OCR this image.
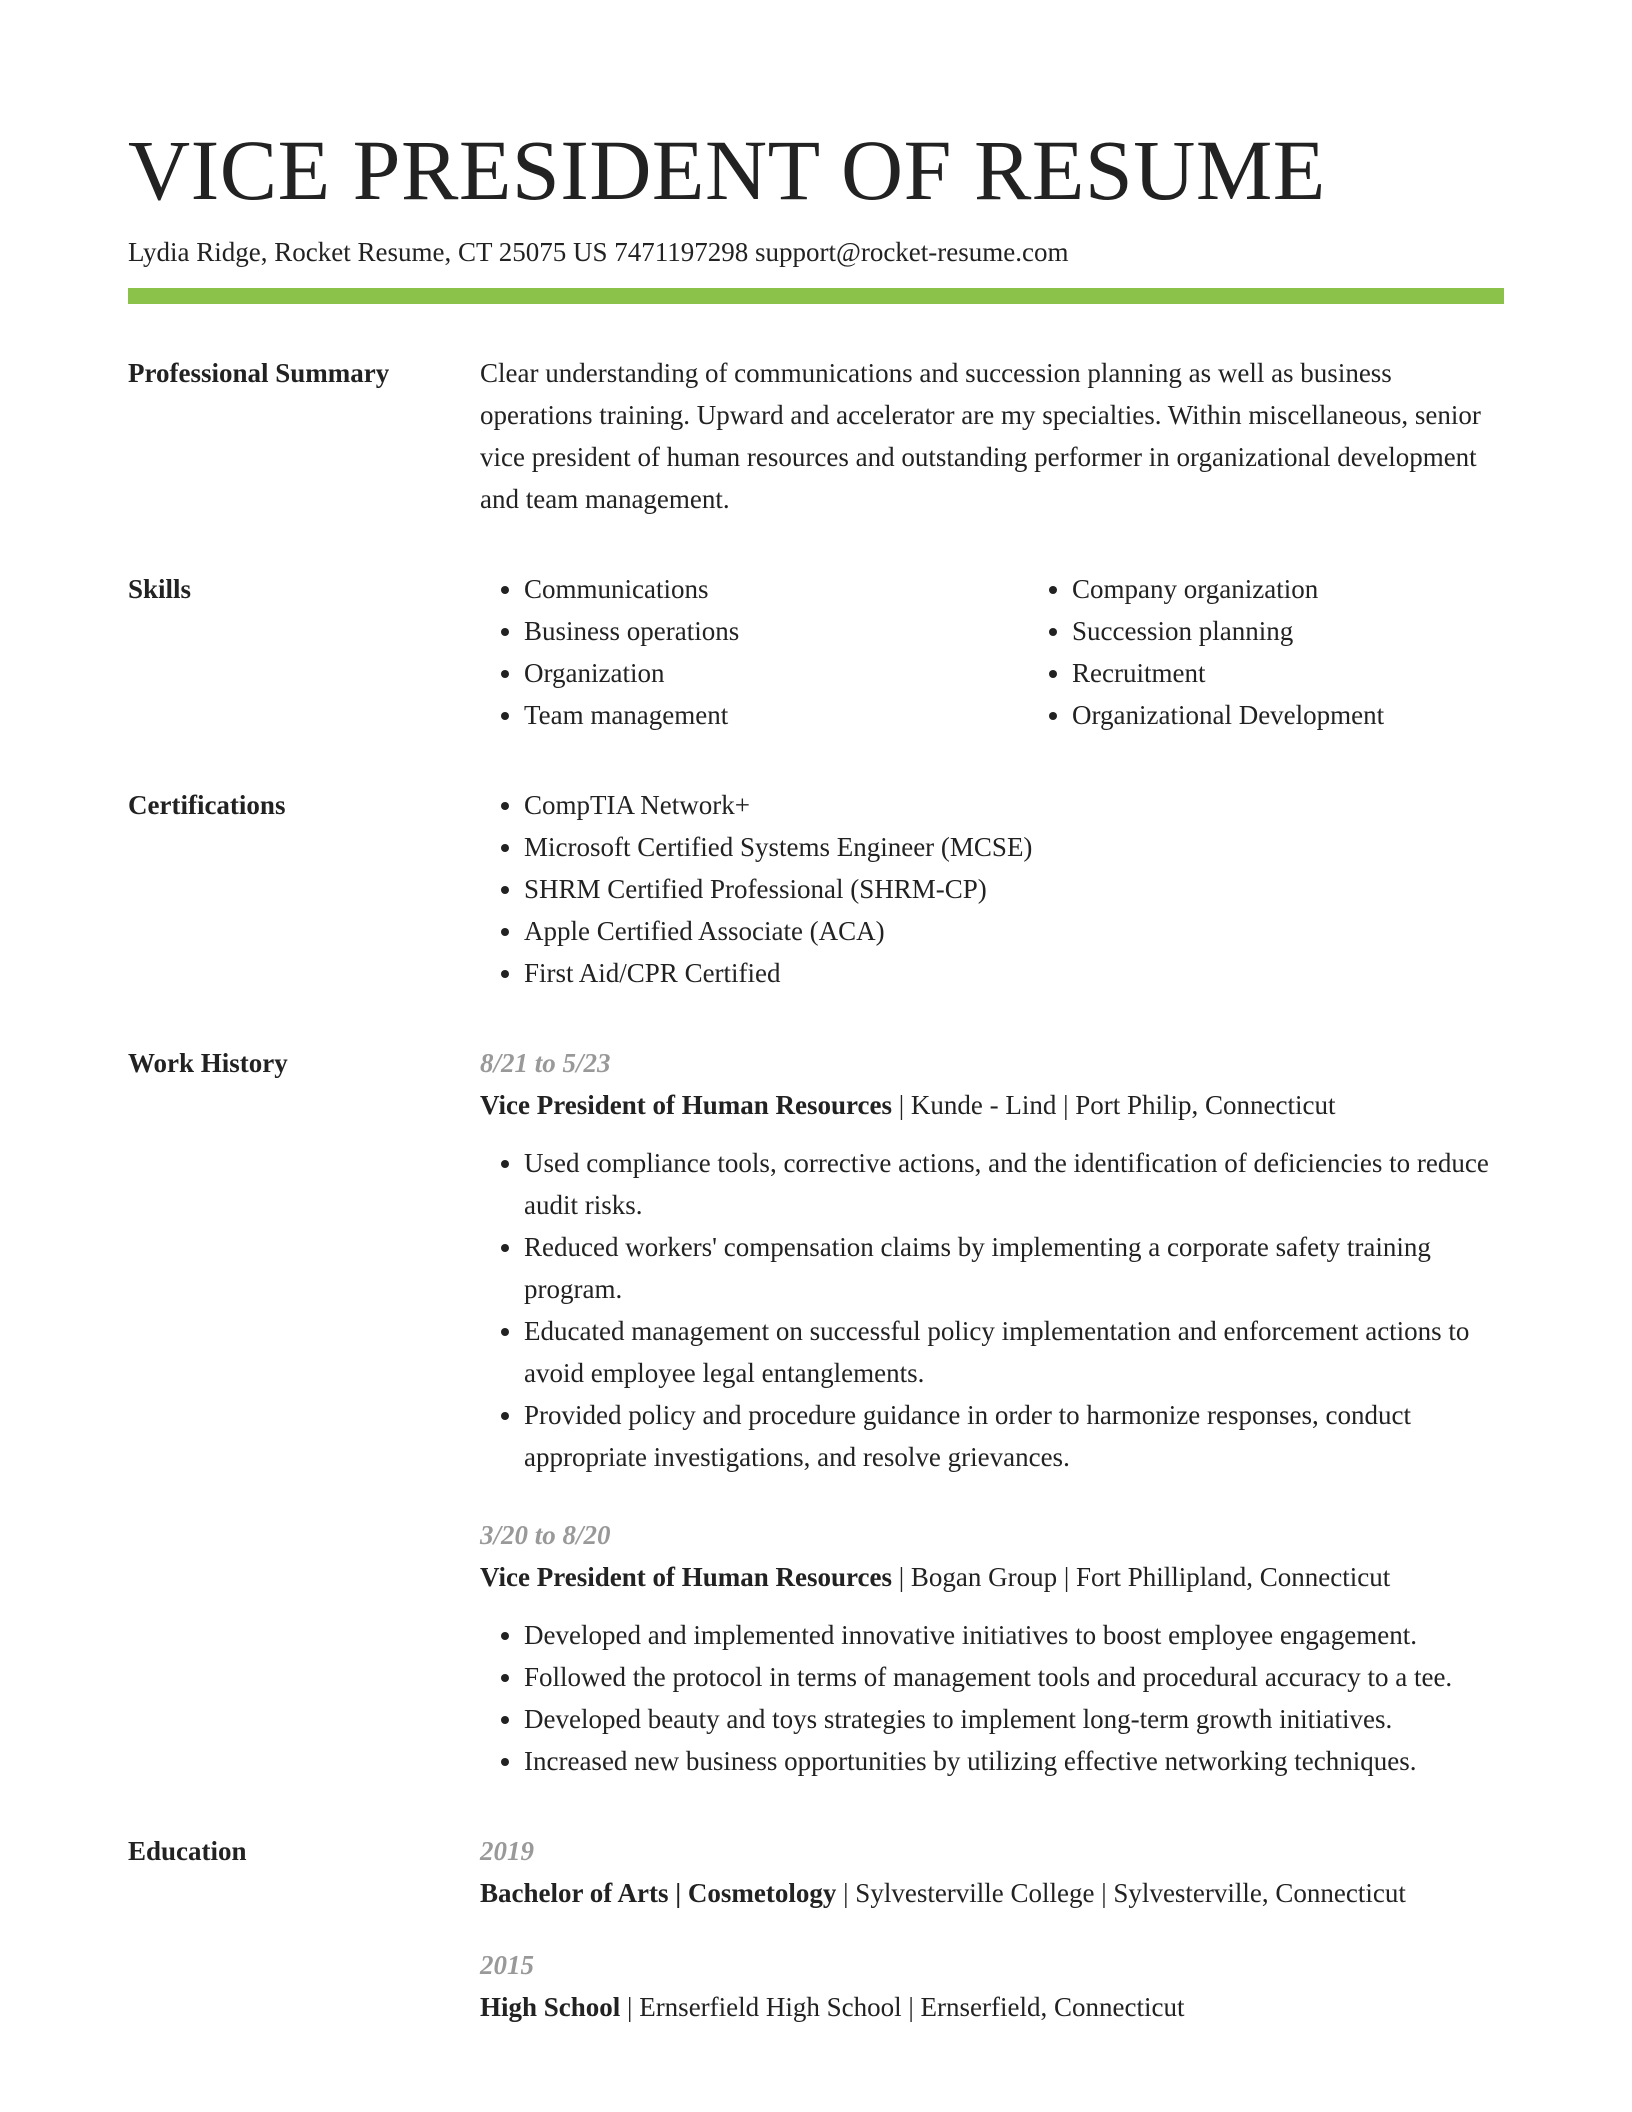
VICE PRESIDENT OF RESUME
Lydia Ridge, Rocket Resume, CT 25075 US 7471197298 support@rocket-resume.com
Professional Summary	Clear understanding of communications and succession planning as well as business operations training. Upward and accelerator are my specialties. Within miscellaneous, senior vice president of human resources and outstanding performer in organizational development and team management.

Skills	• Communications
• Business operations
• Organization
• Team management
• Company organization
• Succession planning
• Recruitment
• Organizational Development
Certifications	• CompTIA Network+
• Microsoft Certified Systems Engineer (MCSE)
• SHRM Certified Professional (SHRM-CP)
• Apple Certified Associate (ACA)
• First Aid/CPR Certified
Work History	8/21 to 5/23
Vice President of Human Resources | Kunde - Lind | Port Philip, Connecticut
• Used compliance tools, corrective actions, and the identification of deficiencies to reduce audit risks.
• Reduced workers' compensation claims by implementing a corporate safety training program.
• Educated management on successful policy implementation and enforcement actions to avoid employee legal entanglements.
• Provided policy and procedure guidance in order to harmonize responses, conduct appropriate investigations, and resolve grievances.
3/20 to 8/20
Vice President of Human Resources | Bogan Group | Fort Phillipland, Connecticut
• Developed and implemented innovative initiatives to boost employee engagement.
• Followed the protocol in terms of management tools and procedural accuracy to a tee.
• Developed beauty and toys strategies to implement long-term growth initiatives.
• Increased new business opportunities by utilizing effective networking techniques.
Education	2019
Bachelor of Arts | Cosmetology | Sylvesterville College | Sylvesterville, Connecticut
2015
High School | Ernserfield High School | Ernserfield, Connecticut
